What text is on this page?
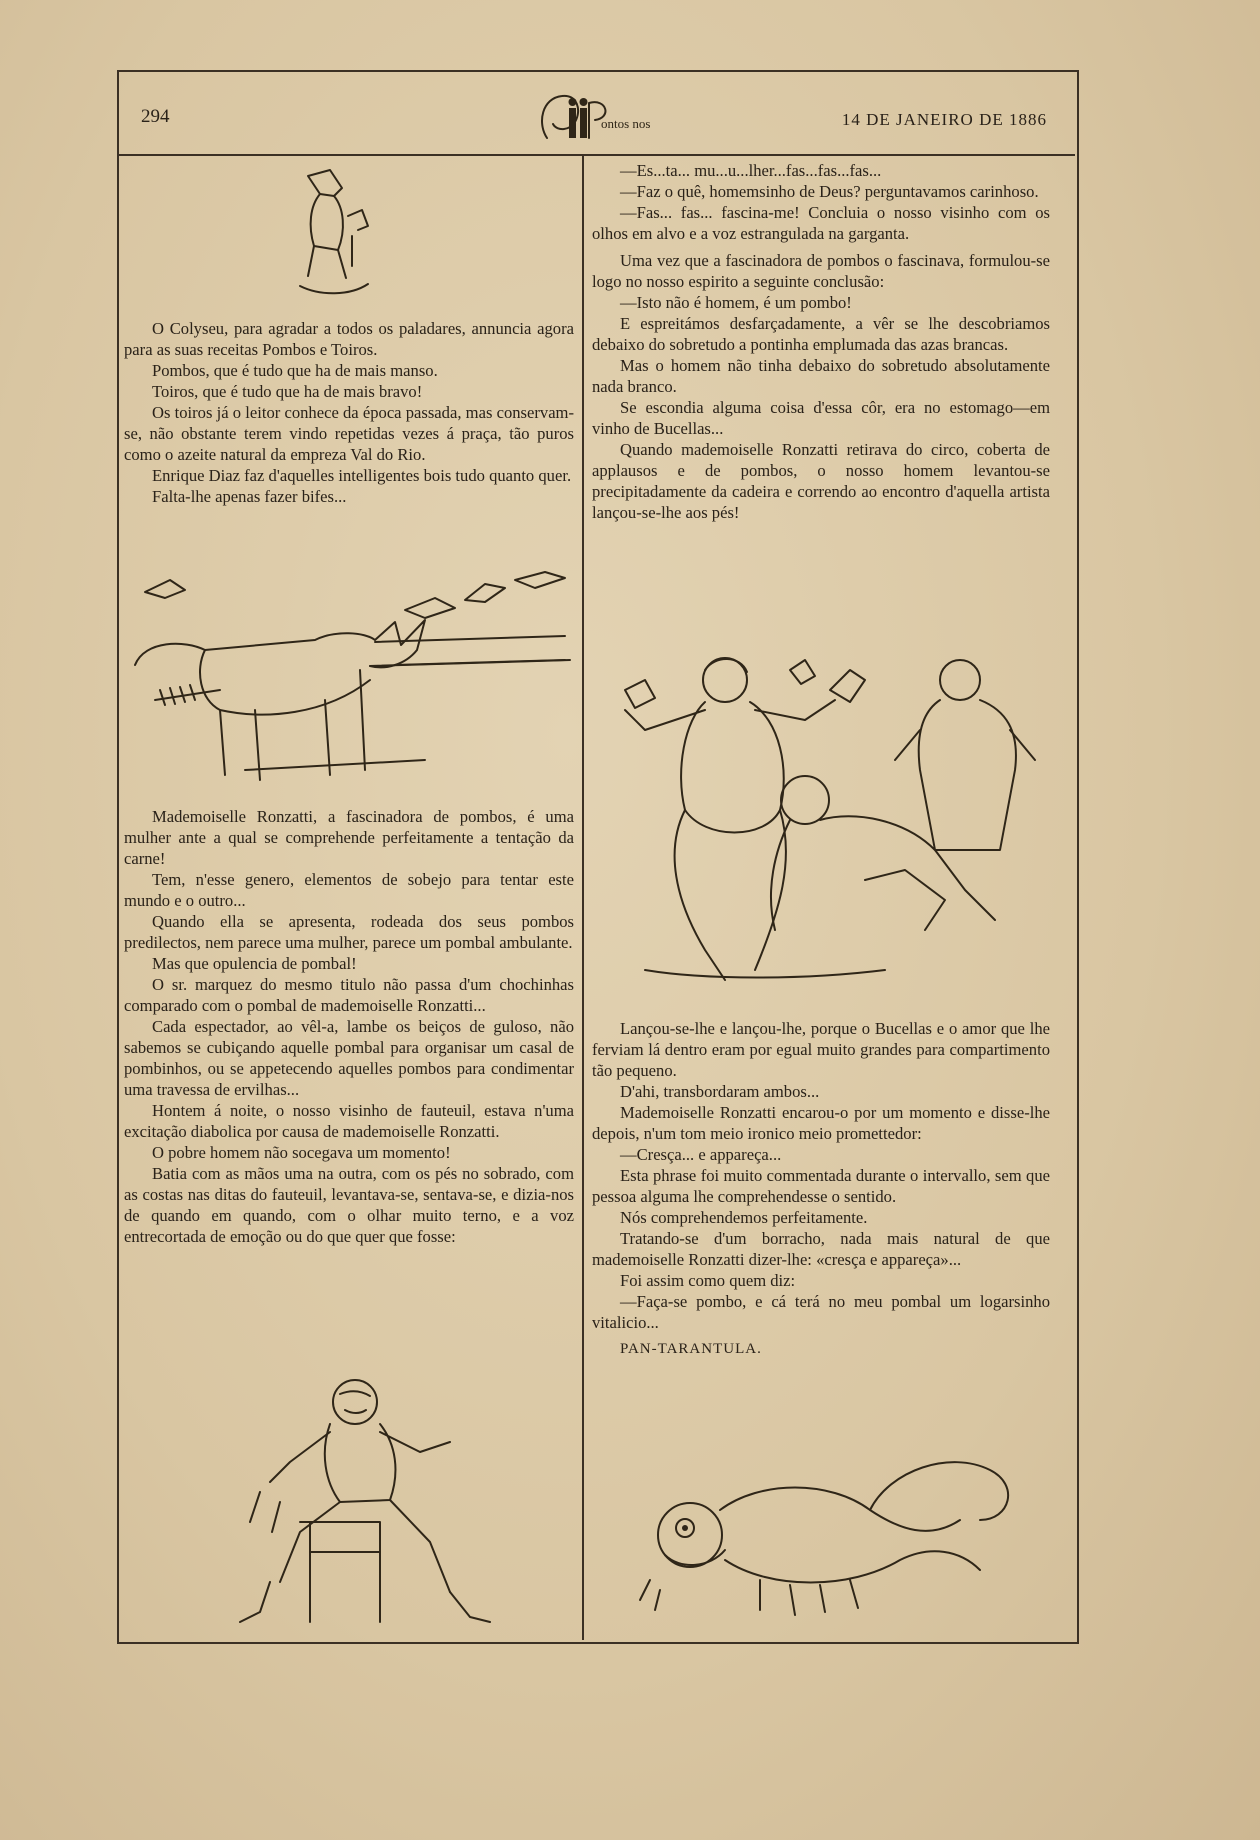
294	ontos nos	14 DE JANEIRO DE 1886

O Colyseu, para agradar a todos os paladares, annuncia agora para as suas receitas Pombos e Toiros.

Pombos, que é tudo que ha de mais manso.

Toiros, que é tudo que ha de mais bravo!

Os toiros já o leitor conhece da época passada, mas conservam-se, não obstante terem vindo repetidas vezes á praça, tão puros como o azeite natural da empreza Val do Rio.

Enrique Diaz faz d'aquelles intelligentes bois tudo quanto quer.

Falta-lhe apenas fazer bifes...

Mademoiselle Ronzatti, a fascinadora de pombos, é uma mulher ante a qual se comprehende perfeitamente a tentação da carne!

Tem, n'esse genero, elementos de sobejo para tentar este mundo e o outro...

Quando ella se apresenta, rodeada dos seus pombos predilectos, nem parece uma mulher, parece um pombal ambulante.

Mas que opulencia de pombal!

O sr. marquez do mesmo titulo não passa d'um chochinhas comparado com o pombal de mademoiselle Ronzatti...

Cada espectador, ao vêl-a, lambe os beiços de guloso, não sabemos se cubiçando aquelle pombal para organisar um casal de pombinhos, ou se appetecendo aquelles pombos para condimentar uma travessa de ervilhas...

Hontem á noite, o nosso visinho de fauteuil, estava n'uma excitação diabolica por causa de mademoiselle Ronzatti.

O pobre homem não socegava um momento!

Batia com as mãos uma na outra, com os pés no sobrado, com as costas nas ditas do fauteuil, levantava-se, sentava-se, e dizia-nos de quando em quando, com o olhar muito terno, e a voz entrecortada de emoção ou do que quer que fosse:

—Es...ta... mu...u...lher...fas...fas...fas...

—Faz o quê, homemsinho de Deus? perguntavamos carinhoso.

—Fas... fas... fascina-me! Concluia o nosso visinho com os olhos em alvo e a voz estrangulada na garganta.

Uma vez que a fascinadora de pombos o fascinava, formulou-se logo no nosso espirito a seguinte conclusão:

—Isto não é homem, é um pombo!

E espreitámos desfarçadamente, a vêr se lhe descobriamos debaixo do sobretudo a pontinha emplumada das azas brancas.

Mas o homem não tinha debaixo do sobretudo absolutamente nada branco.

Se escondia alguma coisa d'essa côr, era no estomago—em vinho de Bucellas...

Quando mademoiselle Ronzatti retirava do circo, coberta de applausos e de pombos, o nosso homem levantou-se precipitadamente da cadeira e correndo ao encontro d'aquella artista lançou-se-lhe aos pés!

Lançou-se-lhe e lançou-lhe, porque o Bucellas e o amor que lhe ferviam lá dentro eram por egual muito grandes para compartimento tão pequeno.

D'ahi, transbordaram ambos...

Mademoiselle Ronzatti encarou-o por um momento e disse-lhe depois, n'um tom meio ironico meio promettedor:

—Cresça... e appareça...

Esta phrase foi muito commentada durante o intervallo, sem que pessoa alguma lhe comprehendesse o sentido.

Nós comprehendemos perfeitamente.

Tratando-se d'um borracho, nada mais natural de que mademoiselle Ronzatti dizer-lhe: «cresça e appareça»...

Foi assim como quem diz:

—Faça-se pombo, e cá terá no meu pombal um logarsinho vitalicio...

PAN-TARANTULA.
